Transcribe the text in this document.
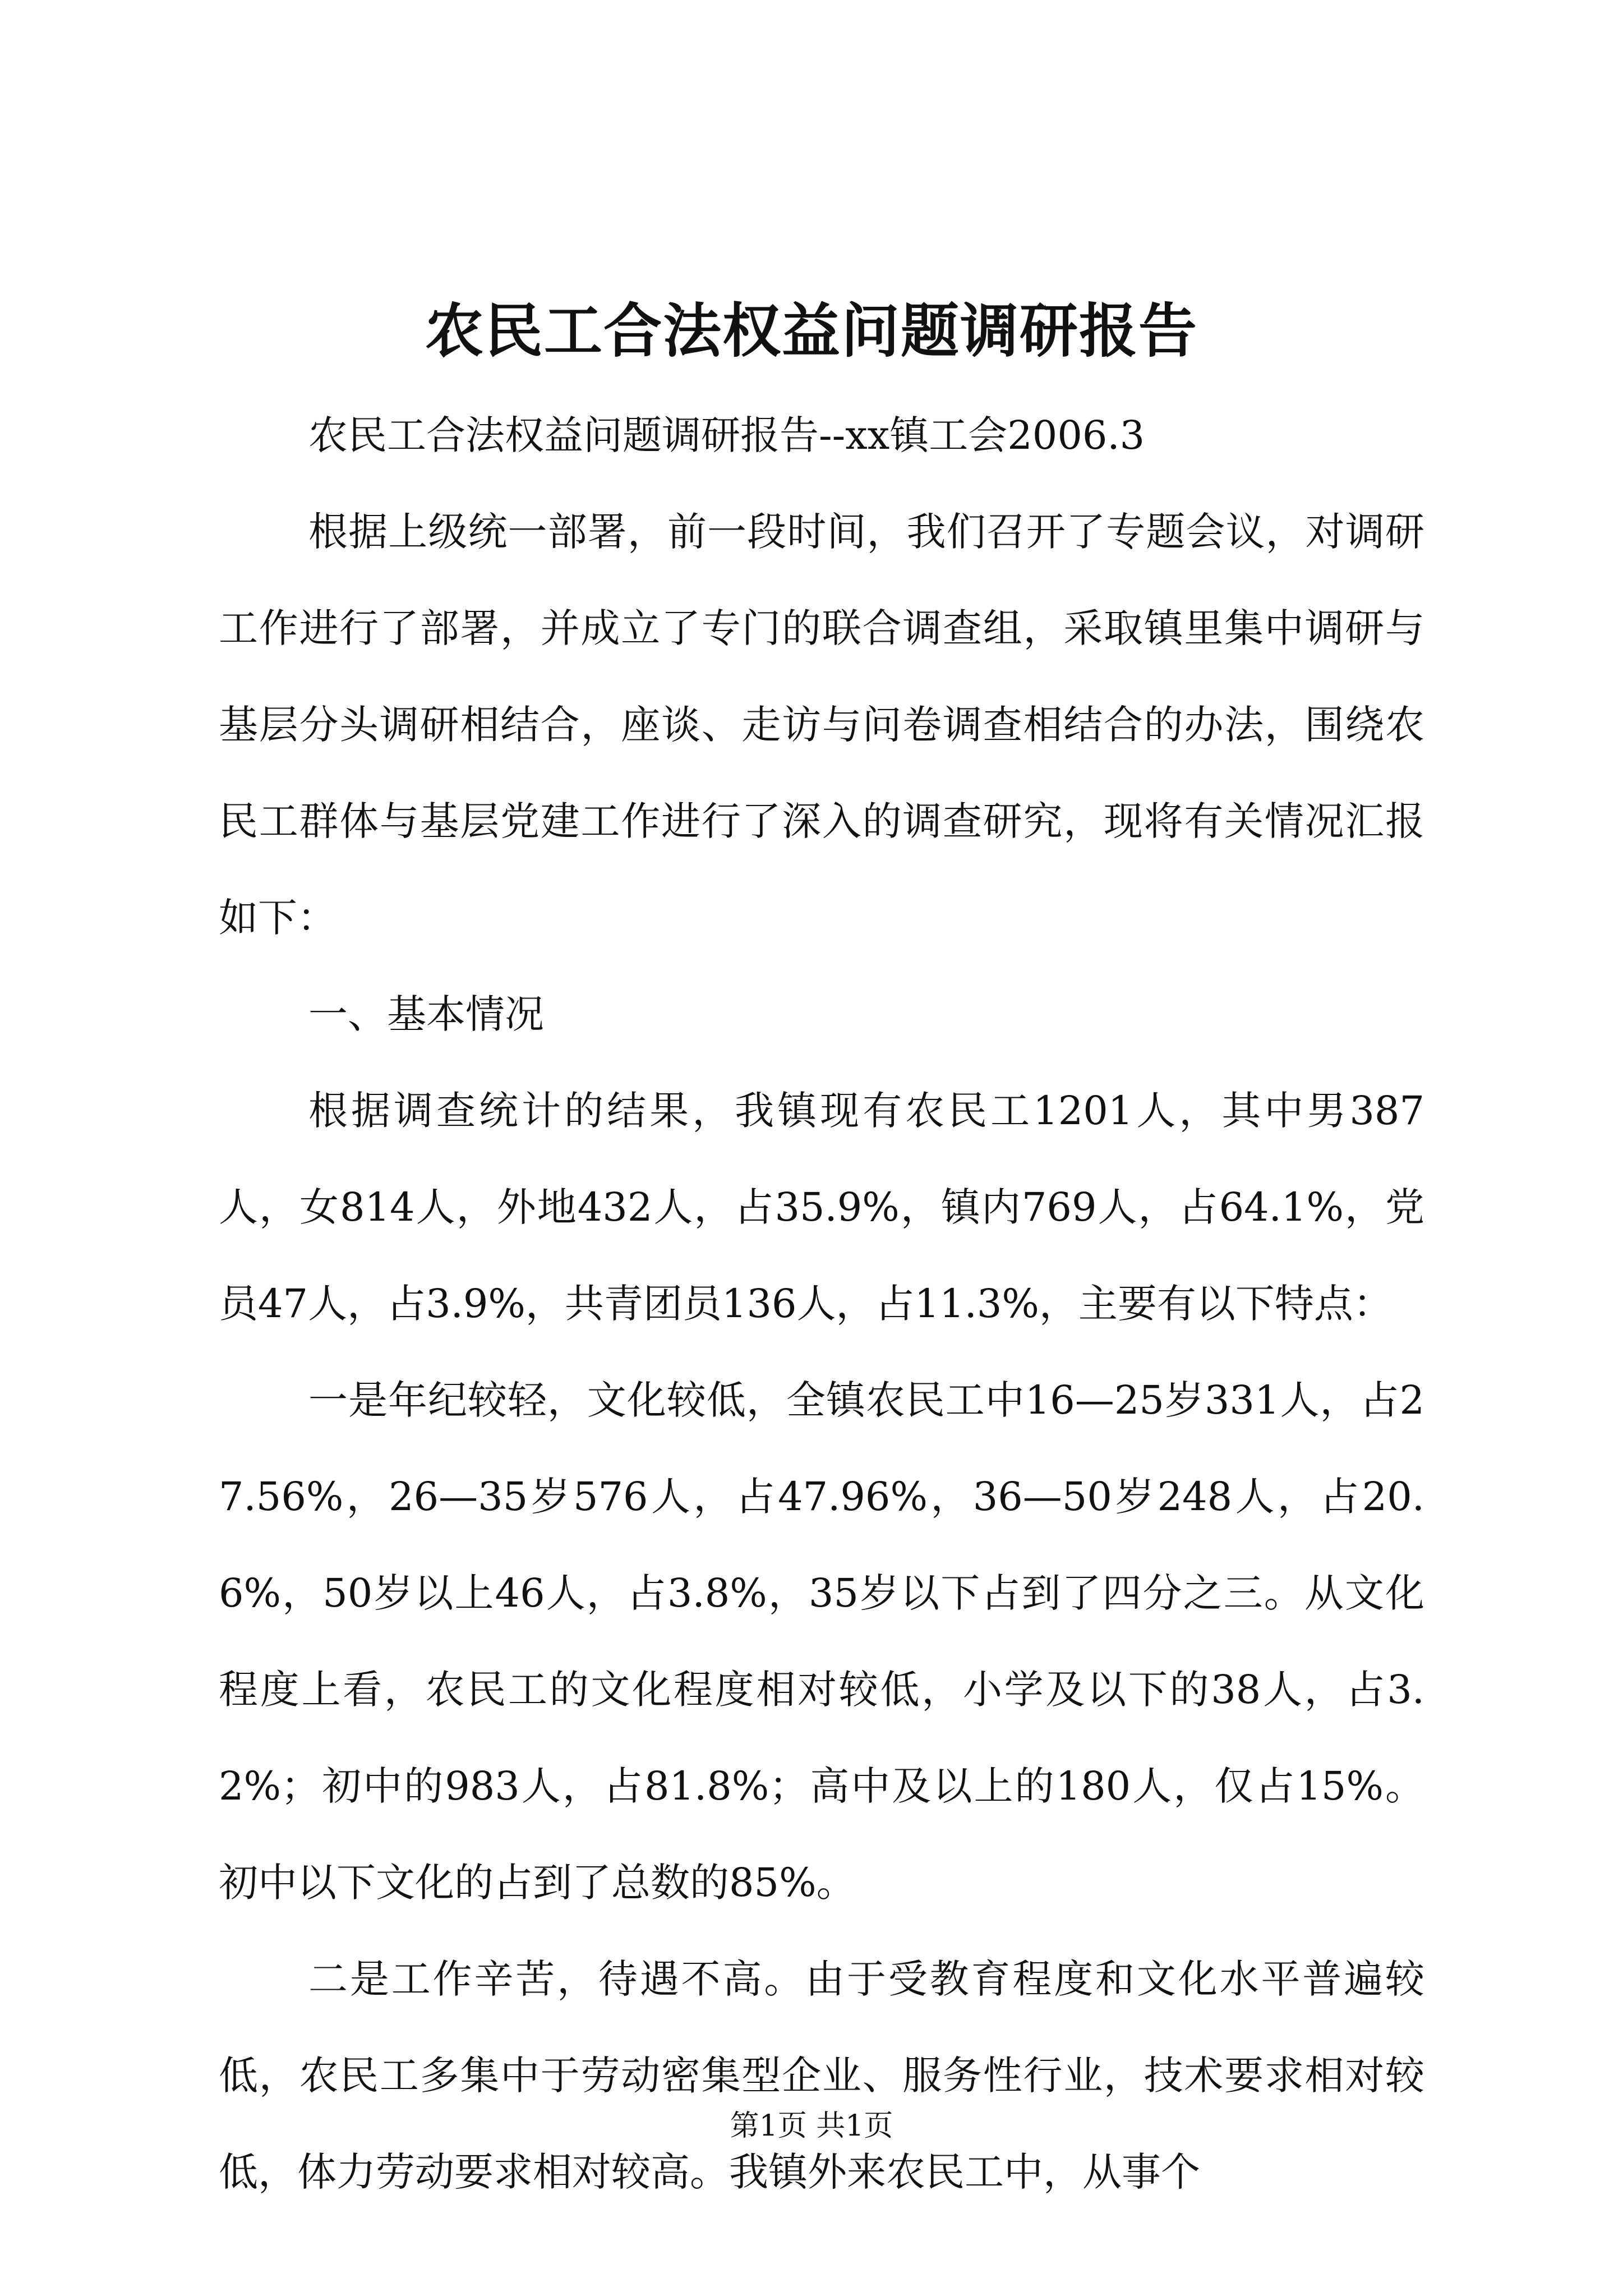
农民工合法权益问题调研报告

农民工合法权益问题调研报告--xx镇工会2006.3

根据上级统一部署，前一段时间，我们召开了专题会议，对调研工作进行了部署，并成立了专门的联合调查组，采取镇里集中调研与基层分头调研相结合，座谈、走访与问卷调查相结合的办法，围绕农民工群体与基层党建工作进行了深入的调查研究，现将有关情况汇报如下：

一、基本情况

根据调查统计的结果，我镇现有农民工1201人，其中男387人，女814人，外地432人，占35.9%，镇内769人，占64.1%，党员47人，占3.9%，共青团员136人，占11.3%，主要有以下特点：

一是年纪较轻，文化较低，全镇农民工中16—25岁331人，占27.56%，26—35岁576人，占47.96%，36—50岁248人，占20.6%，50岁以上46人，占3.8%，35岁以下占到了四分之三。从文化程度上看，农民工的文化程度相对较低，小学及以下的38人，占3.2%；初中的983人，占81.8%；高中及以上的180人，仅占15%。初中以下文化的占到了总数的85%。

二是工作辛苦，待遇不高。由于受教育程度和文化水平普遍较低，农民工多集中于劳动密集型企业、服务性行业，技术要求相对较低，体力劳动要求相对较高。我镇外来农民工中，从事个

第1页 共1页
